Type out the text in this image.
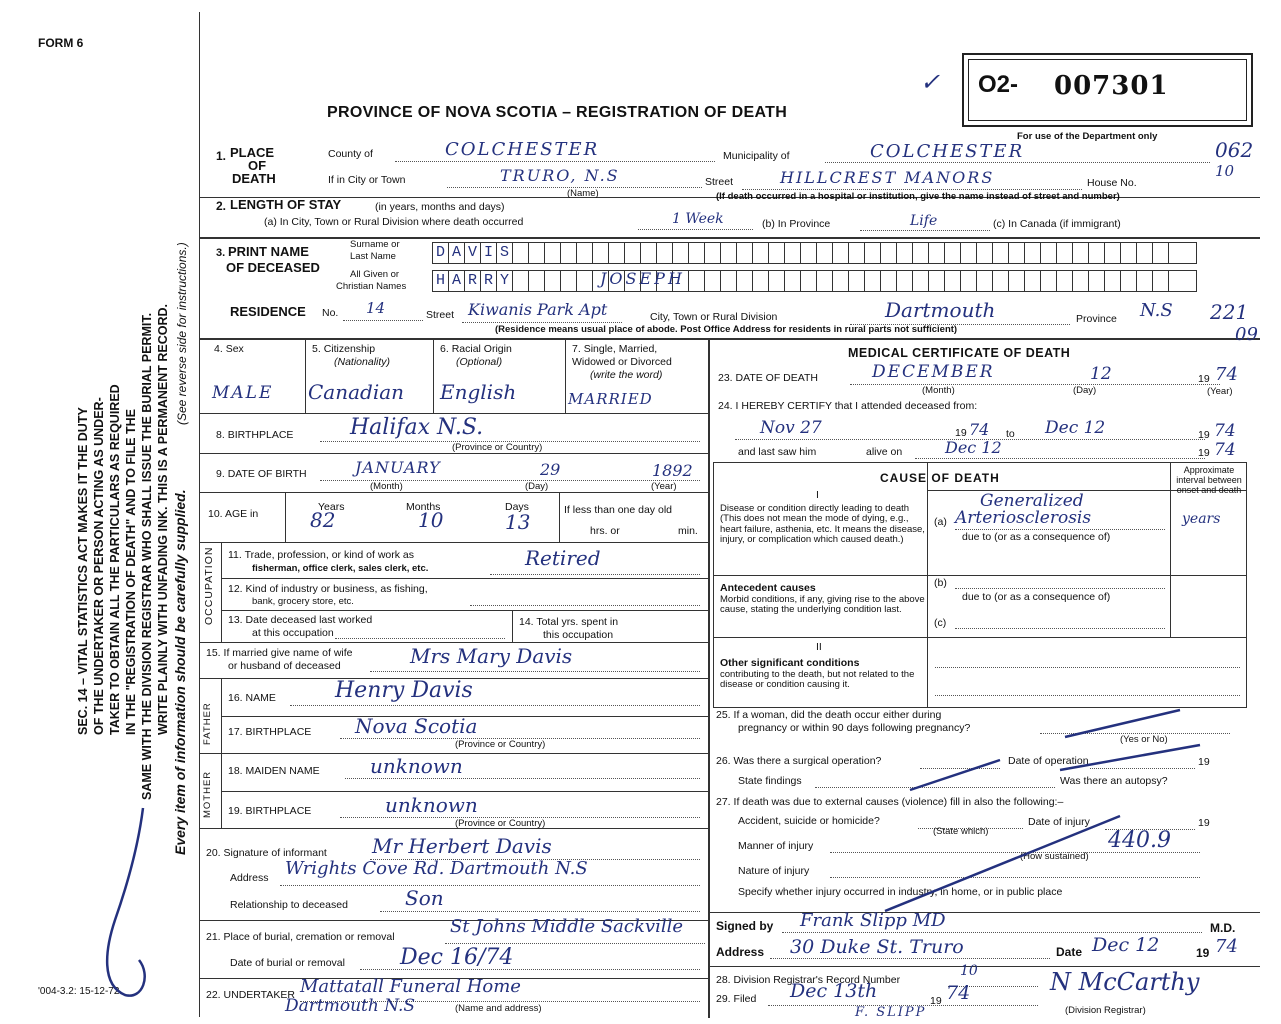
FORM 6
✓ O2- 007301
PROVINCE OF NOVA SCOTIA – REGISTRATION OF DEATH
For use of the Department only
SEC. 14 – VITAL STATISTICS ACT MAKES IT THE DUTY OF THE UNDERTAKER OR PERSON ACTING AS UNDER- TAKER TO OBTAIN ALL THE PARTICULARS AS REQUIRED IN THE "REGISTRATION OF DEATH" AND TO FILE THE SAME WITH THE DIVISION REGISTRAR WHO SHALL ISSUE THE BURIAL PERMIT. WRITE PLAINLY WITH UNFADING INK. THIS IS A PERMANENT RECORD. Every item of information should be carefully supplied.
(See reverse side for instructions.)
'004-3.2: 15-12-72
1. PLACE
OF
DEATH
County of	COLCHESTER	Municipality of	COLCHESTER	062
If in City or Town	TRURO, N.S
(Name)
Street	HILLCREST MANORS	House No.
10
(If death occurred in a hospital or institution, give the name instead of street and number)
2. LENGTH OF STAY	(in years, months and days)
(a) In City, Town or Rural Division where death occurred	1 Week	(b) In Province	Life	(c) In Canada (if immigrant)
3. PRINT NAME
OF DECEASED
Surname or
Last Name	D A V I S
All Given or
Christian Names H A R R Y	JOSEPH
RESIDENCE No. 14	Street Kiwanis Park Apt	City, Town or Rural Division	Dartmouth	Province N.S 221
09
(Residence means usual place of abode. Post Office Address for residents in rural parts not sufficient)
4. Sex
MALE
5. Citizenship
(Nationality)
Canadian
6. Racial Origin
(Optional)
English
7. Single, Married,
Widowed or Divorced
(write the word)
MARRIED
8. BIRTHPLACE	Halifax N.S.
(Province or Country)
9. DATE OF BIRTH	JANUARY	29	1892
(Month)	(Day)	(Year)
10. AGE in
Years
82
Months
10
Days
13	If less than one day old
hrs. or	min.
OCCUPATION 11. Trade, profession, or kind of work as
fisherman, office clerk, sales clerk, etc.	Retired
12. Kind of industry or business, as fishing,
bank, grocery store, etc.
13. Date deceased last worked
at this occupation
14. Total yrs. spent in
this occupation
15. If married give name of wife
or husband of deceased	Mrs Mary Davis
FATHER
16. NAME	Henry Davis
17. BIRTHPLACE Nova Scotia
(Province or Country)
MOTHER 18. MAIDEN NAME	unknown
19. BIRTHPLACE	unknown
(Province or Country)
20. Signature of informant Mr Herbert Davis
Address Wrights Cove Rd. Dartmouth N.S
Relationship to deceased	Son
21. Place of burial, cremation or removal	St Johns Middle Sackville
Date of burial or removal	Dec 16/74
22. UNDERTAKER Mattatall Funeral Home
Dartmouth N.S	(Name and address)
MEDICAL CERTIFICATE OF DEATH
23. DATE OF DEATH	DECEMBER	12	19 74
(Month)	(Day)	(Year)
24. I HEREBY CERTIFY that I attended deceased from:
Nov 27	19 74 to Dec 12	19 74
and last saw him	alive on	Dec 12	19 74
CAUSE OF DEATH
Approximate interval between onset and death
I
Disease or condition directly leading to death (This does not mean the mode of dying, e.g., heart failure, asthenia, etc. It means the disease, injury, or complication which caused death.)
(a)
Generalized
Arteriosclerosis	years
due to (or as a consequence of)
Antecedent causes
Morbid conditions, if any, giving rise to the above cause, stating the underlying condition last.
(b)
due to (or as a consequence of)
(c)
II
Other significant conditions
contributing to the death, but not related to the disease or condition causing it.
25. If a woman, did the death occur either during
pregnancy or within 90 days following pregnancy?
(Yes or No)
26. Was there a surgical operation?	Date of operation	19
State findings	Was there an autopsy?
27. If death was due to external causes (violence) fill in also the following:–
Accident, suicide or homicide?	Date of injury	19
(State which)
Manner of injury
(How sustained)
440.9
Nature of injury
Specify whether injury occurred in industry, in home, or in public place
Signed by Frank Slipp MD	M.D.
Address 30 Duke St. Truro	Date Dec 12	19 74
28. Division Registrar's Record Number
10
29. Filed Dec 13th	19 74	N McCarthy
(Division Registrar)
F. SLIPP
